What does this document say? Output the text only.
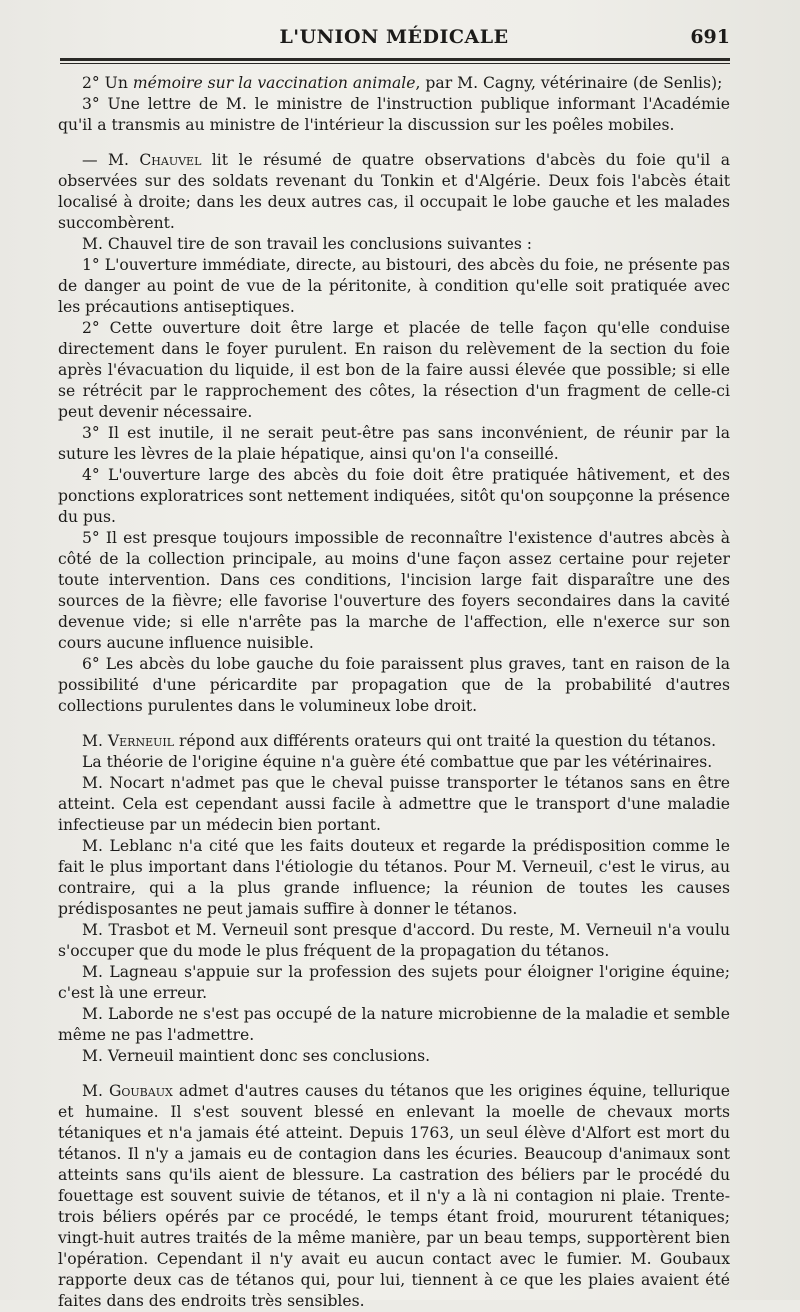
L'UNION MÉDICALE	691

2° Un mémoire sur la vaccination animale, par M. Cagny, vétérinaire (de Senlis);

3° Une lettre de M. le ministre de l'instruction publique informant l'Académie qu'il a transmis au ministre de l'intérieur la discussion sur les poêles mobiles.

— M. Chauvel lit le résumé de quatre observations d'abcès du foie qu'il a observées sur des soldats revenant du Tonkin et d'Algérie. Deux fois l'abcès était localisé à droite; dans les deux autres cas, il occupait le lobe gauche et les malades succombèrent.

M. Chauvel tire de son travail les conclusions suivantes :

1° L'ouverture immédiate, directe, au bistouri, des abcès du foie, ne présente pas de danger au point de vue de la péritonite, à condition qu'elle soit pratiquée avec les précautions antiseptiques.

2° Cette ouverture doit être large et placée de telle façon qu'elle conduise directement dans le foyer purulent. En raison du relèvement de la section du foie après l'évacuation du liquide, il est bon de la faire aussi élevée que possible; si elle se rétrécit par le rapprochement des côtes, la résection d'un fragment de celle-ci peut devenir nécessaire.

3° Il est inutile, il ne serait peut-être pas sans inconvénient, de réunir par la suture les lèvres de la plaie hépatique, ainsi qu'on l'a conseillé.

4° L'ouverture large des abcès du foie doit être pratiquée hâtivement, et des ponctions exploratrices sont nettement indiquées, sitôt qu'on soupçonne la présence du pus.

5° Il est presque toujours impossible de reconnaître l'existence d'autres abcès à côté de la collection principale, au moins d'une façon assez certaine pour rejeter toute intervention. Dans ces conditions, l'incision large fait disparaître une des sources de la fièvre; elle favorise l'ouverture des foyers secondaires dans la cavité devenue vide; si elle n'arrête pas la marche de l'affection, elle n'exerce sur son cours aucune influence nuisible.

6° Les abcès du lobe gauche du foie paraissent plus graves, tant en raison de la possibilité d'une péricardite par propagation que de la probabilité d'autres collections purulentes dans le volumineux lobe droit.

M. Verneuil répond aux différents orateurs qui ont traité la question du tétanos.

La théorie de l'origine équine n'a guère été combattue que par les vétérinaires.

M. Nocart n'admet pas que le cheval puisse transporter le tétanos sans en être atteint. Cela est cependant aussi facile à admettre que le transport d'une maladie infectieuse par un médecin bien portant.

M. Leblanc n'a cité que les faits douteux et regarde la prédisposition comme le fait le plus important dans l'étiologie du tétanos. Pour M. Verneuil, c'est le virus, au contraire, qui a la plus grande influence; la réunion de toutes les causes prédisposantes ne peut jamais suffire à donner le tétanos.

M. Trasbot et M. Verneuil sont presque d'accord. Du reste, M. Verneuil n'a voulu s'occuper que du mode le plus fréquent de la propagation du tétanos.

M. Lagneau s'appuie sur la profession des sujets pour éloigner l'origine équine; c'est là une erreur.

M. Laborde ne s'est pas occupé de la nature microbienne de la maladie et semble même ne pas l'admettre.

M. Verneuil maintient donc ses conclusions.

M. Goubaux admet d'autres causes du tétanos que les origines équine, tellurique et humaine. Il s'est souvent blessé en enlevant la moelle de chevaux morts tétaniques et n'a jamais été atteint. Depuis 1763, un seul élève d'Alfort est mort du tétanos. Il n'y a jamais eu de contagion dans les écuries. Beaucoup d'animaux sont atteints sans qu'ils aient de blessure. La castration des béliers par le procédé du fouettage est souvent suivie de tétanos, et il n'y a là ni contagion ni plaie. Trente-trois béliers opérés par ce procédé, le temps étant froid, moururent tétaniques; vingt-huit autres traités de la même manière, par un beau temps, supportèrent bien l'opération. Cependant il n'y avait eu aucun contact avec le fumier. M. Goubaux rapporte deux cas de tétanos qui, pour lui, tiennent à ce que les plaies avaient été faites dans des endroits très sensibles.
